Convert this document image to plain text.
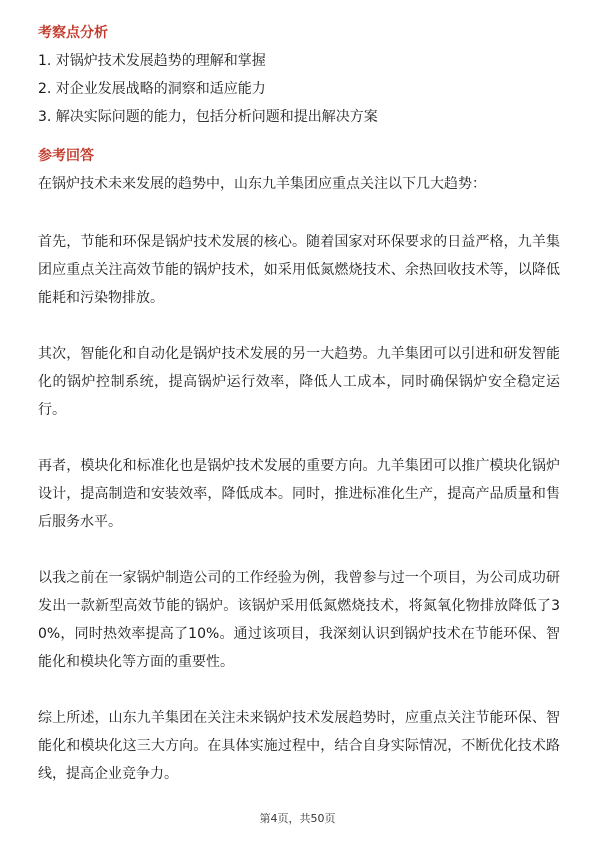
考察点分析
1. 对锅炉技术发展趋势的理解和掌握
2. 对企业发展战略的洞察和适应能力
3. 解决实际问题的能力，包括分析问题和提出解决方案
参考回答

在锅炉技术未来发展的趋势中，山东九羊集团应重点关注以下几大趋势：

首先，节能和环保是锅炉技术发展的核心。随着国家对环保要求的日益严格，九羊集团应重点关注高效节能的锅炉技术，如采用低氮燃烧技术、余热回收技术等，以降低能耗和污染物排放。

其次，智能化和自动化是锅炉技术发展的另一大趋势。九羊集团可以引进和研发智能化的锅炉控制系统，提高锅炉运行效率，降低人工成本，同时确保锅炉安全稳定运行。

再者，模块化和标准化也是锅炉技术发展的重要方向。九羊集团可以推广模块化锅炉设计，提高制造和安装效率，降低成本。同时，推进标准化生产，提高产品质量和售后服务水平。

以我之前在一家锅炉制造公司的工作经验为例，我曾参与过一个项目，为公司成功研发出一款新型高效节能的锅炉。该锅炉采用低氮燃烧技术，将氮氧化物排放降低了30%，同时热效率提高了10%。通过该项目，我深刻认识到锅炉技术在节能环保、智能化和模块化等方面的重要性。

综上所述，山东九羊集团在关注未来锅炉技术发展趋势时，应重点关注节能环保、智能化和模块化这三大方向。在具体实施过程中，结合自身实际情况，不断优化技术路线，提高企业竞争力。

第4页，共50页
